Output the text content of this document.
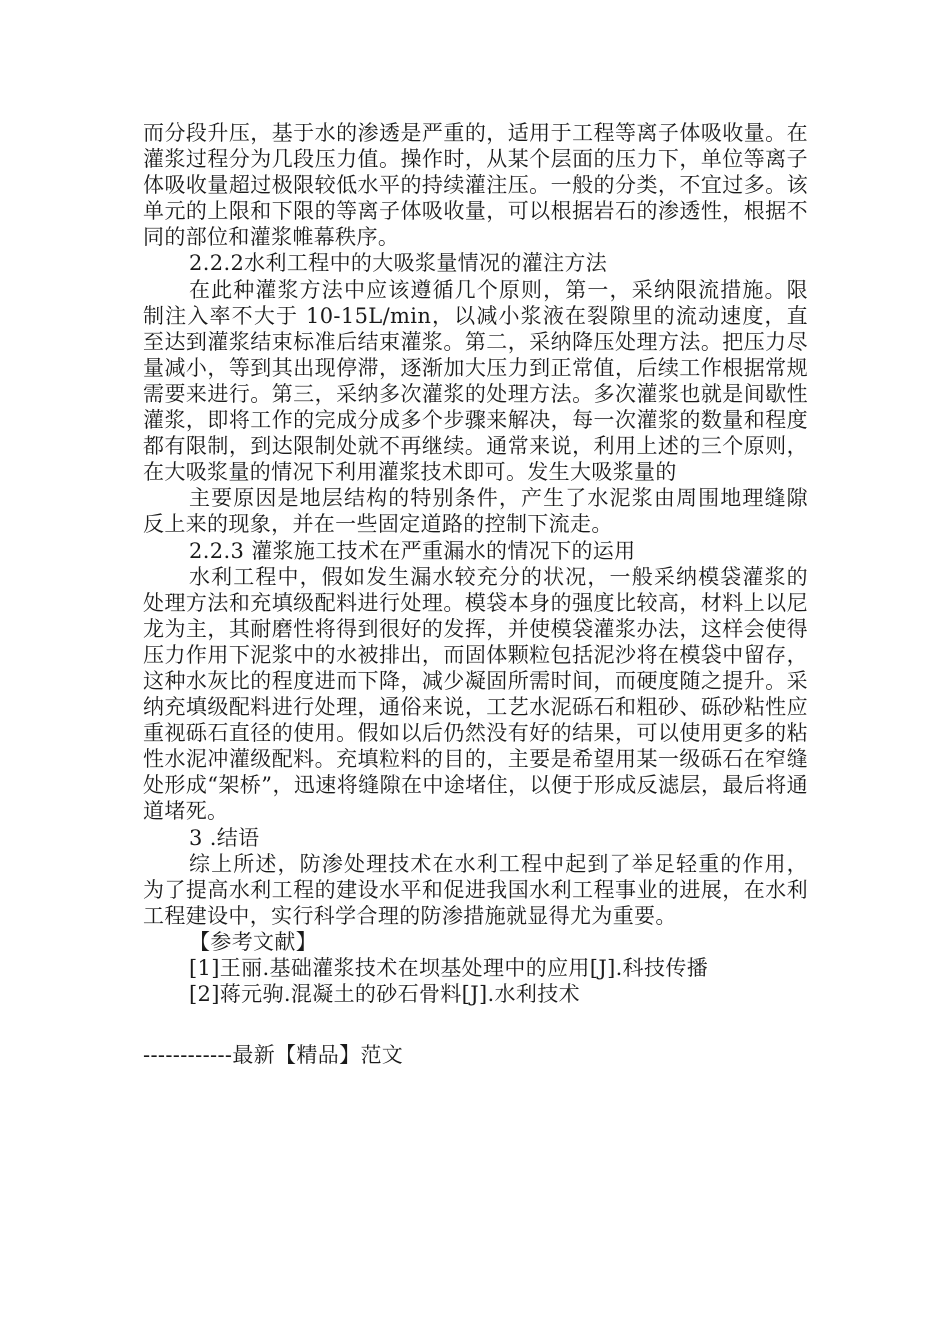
而分段升压，基于水的渗透是严重的，适用于工程等离子体吸收量。在灌浆过程分为几段压力值。操作时，从某个层面的压力下，单位等离子体吸收量超过极限较低水平的持续灌注压。一般的分类，不宜过多。该单元的上限和下限的等离子体吸收量，可以根据岩石的渗透性，根据不同的部位和灌浆帷幕秩序。

2.2.2水利工程中的大吸浆量情况的灌注方法

在此种灌浆方法中应该遵循几个原则，第一，采纳限流措施。限制注入率不大于 10-15L/min，以减小浆液在裂隙里的流动速度，直至达到灌浆结束标准后结束灌浆。第二，采纳降压处理方法。把压力尽量减小，等到其出现停滞，逐渐加大压力到正常值，后续工作根据常规需要来进行。第三，采纳多次灌浆的处理方法。多次灌浆也就是间歇性灌浆，即将工作的完成分成多个步骤来解决，每一次灌浆的数量和程度都有限制，到达限制处就不再继续。通常来说，利用上述的三个原则，在大吸浆量的情况下利用灌浆技术即可。发生大吸浆量的

主要原因是地层结构的特别条件，产生了水泥浆由周围地理缝隙反上来的现象，并在一些固定道路的控制下流走。

2.2.3 灌浆施工技术在严重漏水的情况下的运用

水利工程中，假如发生漏水较充分的状况，一般采纳模袋灌浆的处理方法和充填级配料进行处理。模袋本身的强度比较高，材料上以尼龙为主，其耐磨性将得到很好的发挥，并使模袋灌浆办法，这样会使得压力作用下泥浆中的水被排出，而固体颗粒包括泥沙将在模袋中留存，这种水灰比的程度进而下降，减少凝固所需时间，而硬度随之提升。采纳充填级配料进行处理，通俗来说，工艺水泥砾石和粗砂、砾砂粘性应重视砾石直径的使用。假如以后仍然没有好的结果，可以使用更多的粘性水泥冲灌级配料。充填粒料的目的，主要是希望用某一级砾石在窄缝处形成“架桥”，迅速将缝隙在中途堵住，以便于形成反滤层，最后将通道堵死。

3 .结语

综上所述，防渗处理技术在水利工程中起到了举足轻重的作用，为了提高水利工程的建设水平和促进我国水利工程事业的进展，在水利工程建设中，实行科学合理的防渗措施就显得尤为重要。

【参考文献】

[1]王丽.基础灌浆技术在坝基处理中的应用[J].科技传播

[2]蒋元驹.混凝土的砂石骨料[J].水利技术

------------最新【精品】范文
